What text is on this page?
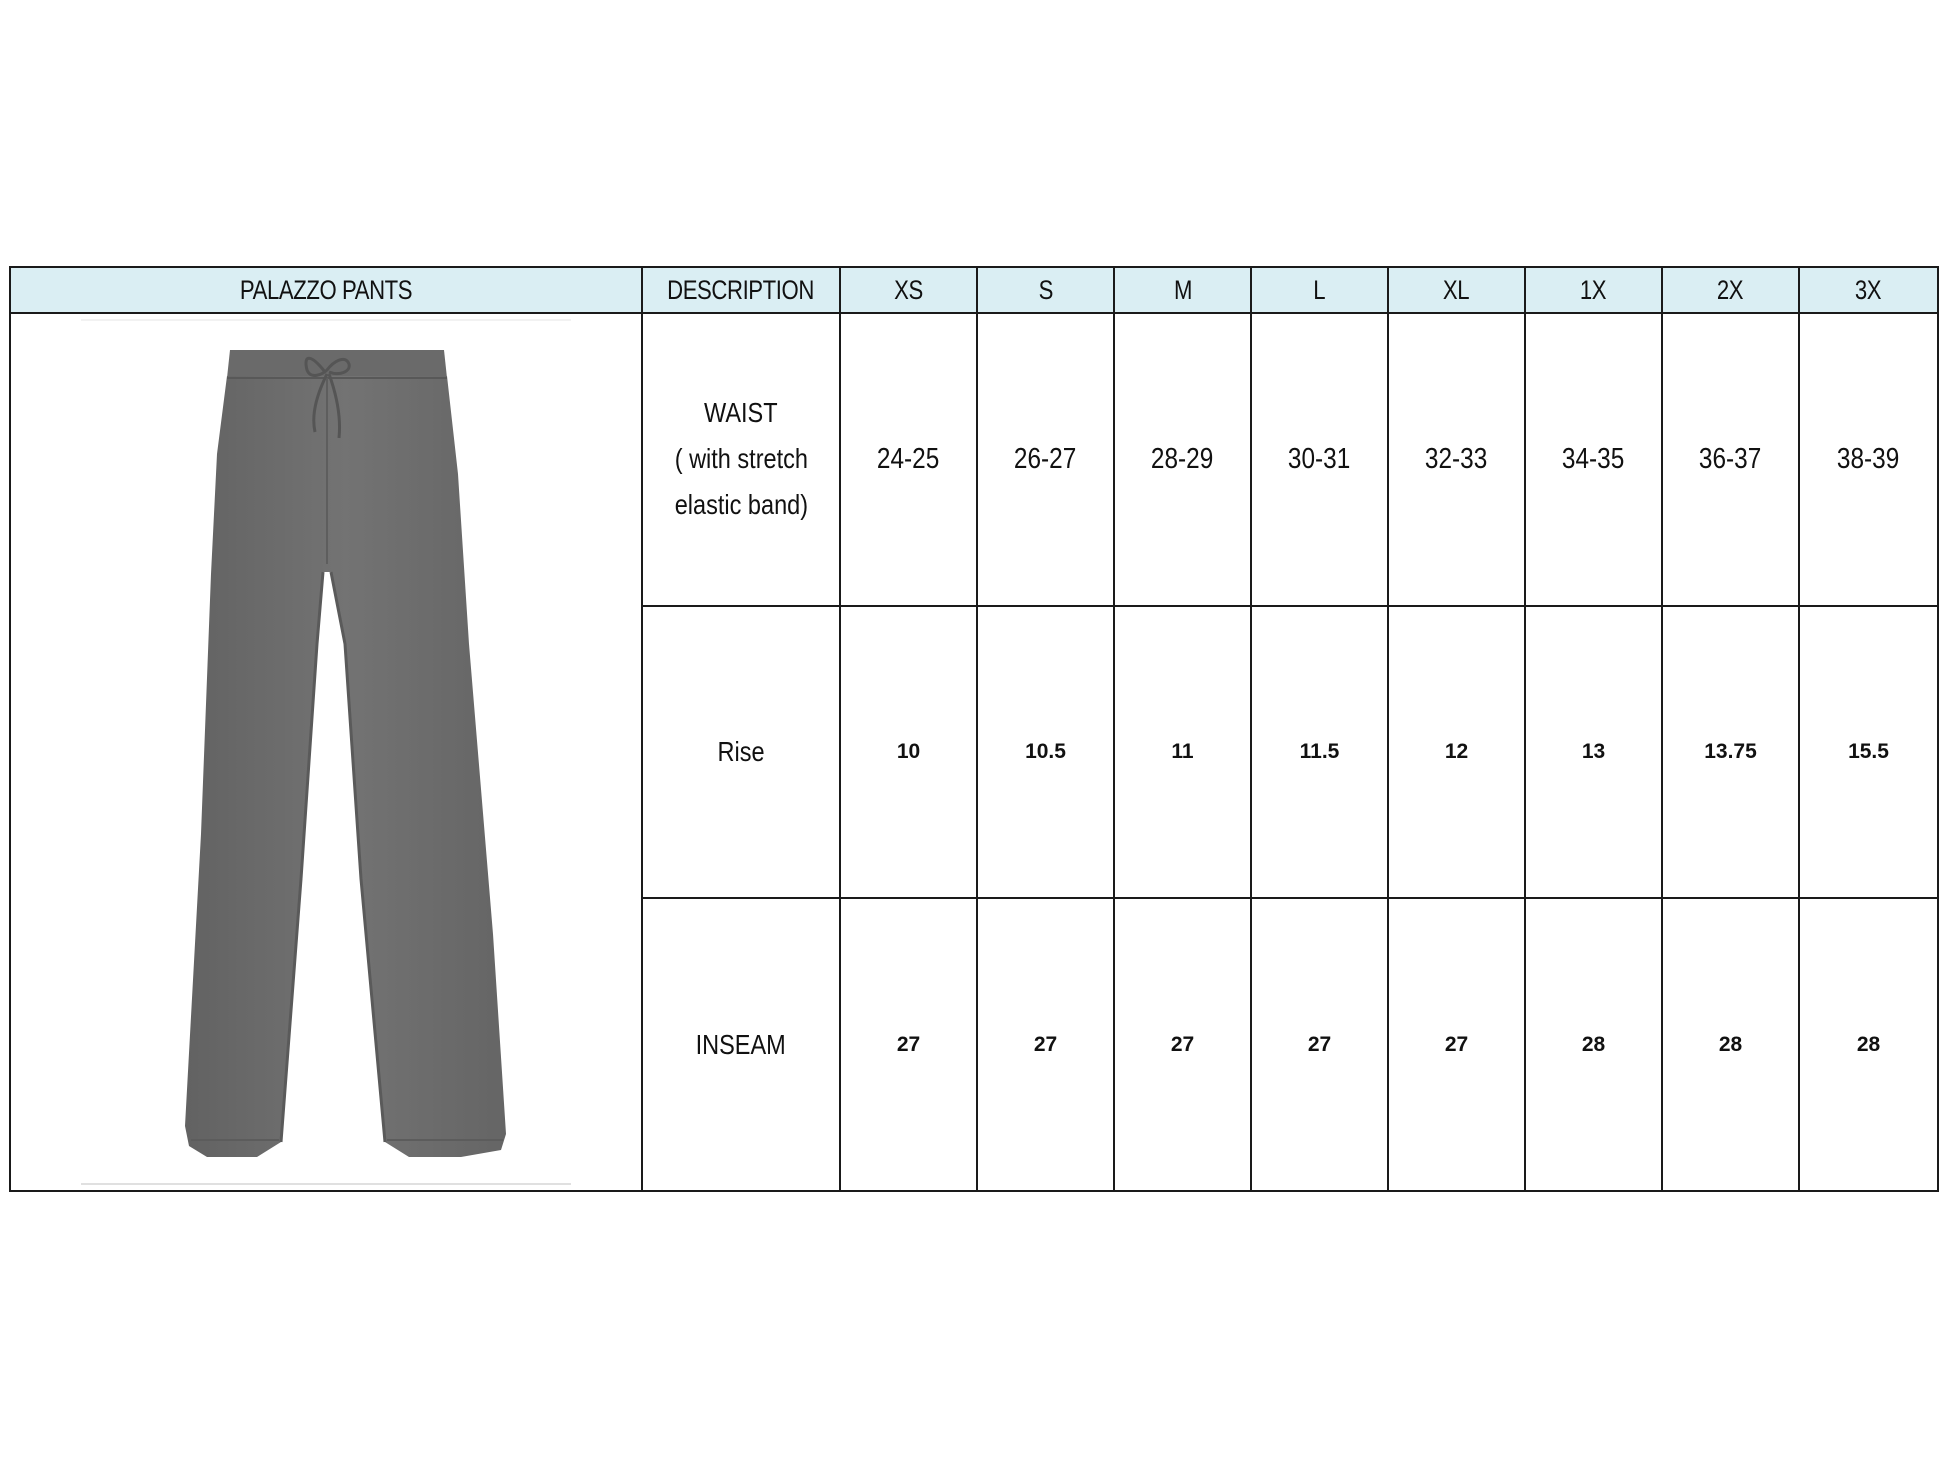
PALAZZO PANTS	DESCRIPTION	XS	S	M	L	XL	1X	2X	3X

	WAIST
( with stretch
elastic band)	24-25	26-27	28-29	30-31	32-33	34-35	36-37	38-39
	Rise	10	10.5	11	11.5	12	13	13.75	15.5
	INSEAM	27	27	27	27	27	28	28	28
